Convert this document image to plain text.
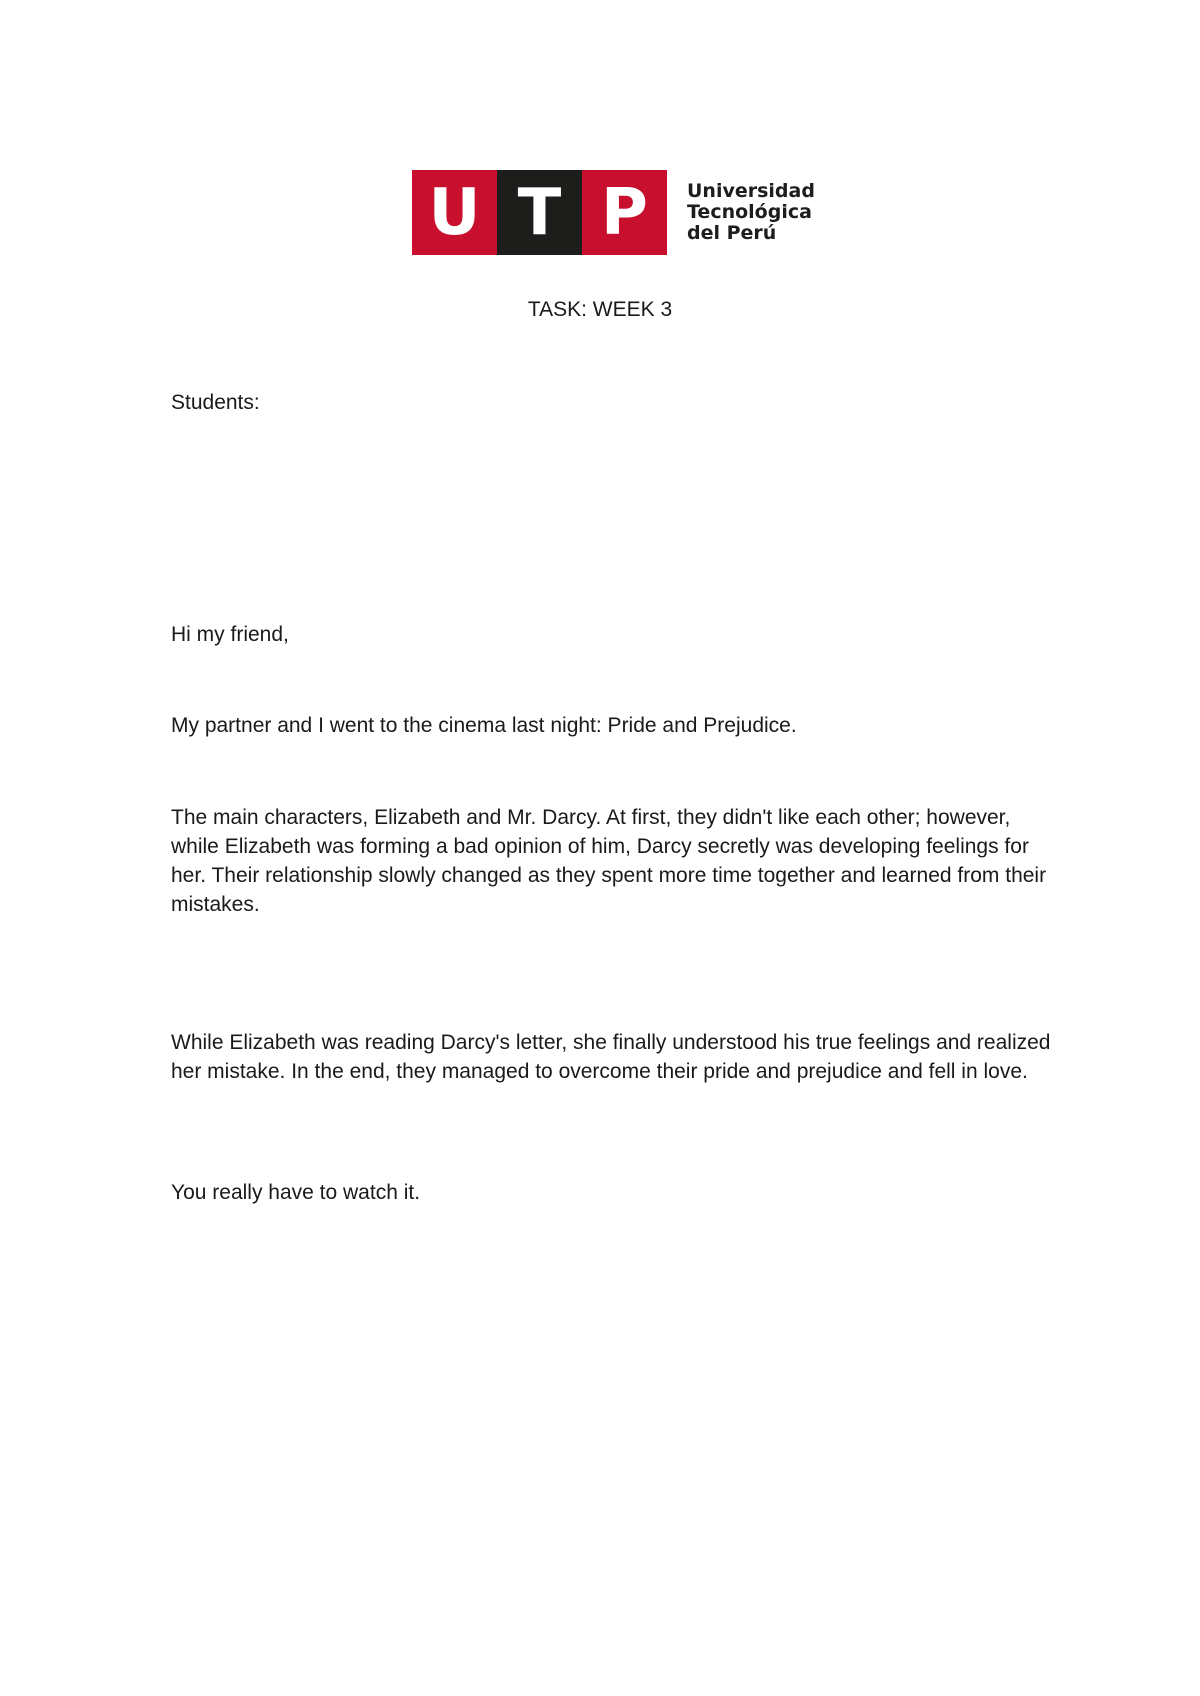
U T P	Universidad
Tecnológica
del Perú
TASK: WEEK 3

Students:

Hi my friend,

My partner and I went to the cinema last night: Pride and Prejudice.

The main characters, Elizabeth and Mr. Darcy. At first, they didn't like each other; however, while Elizabeth was forming a bad opinion of him, Darcy secretly was developing feelings for her. Their relationship slowly changed as they spent more time together and learned from their mistakes.

While Elizabeth was reading Darcy's letter, she finally understood his true feelings and realized her mistake. In the end, they managed to overcome their pride and prejudice and fell in love.

You really have to watch it.
